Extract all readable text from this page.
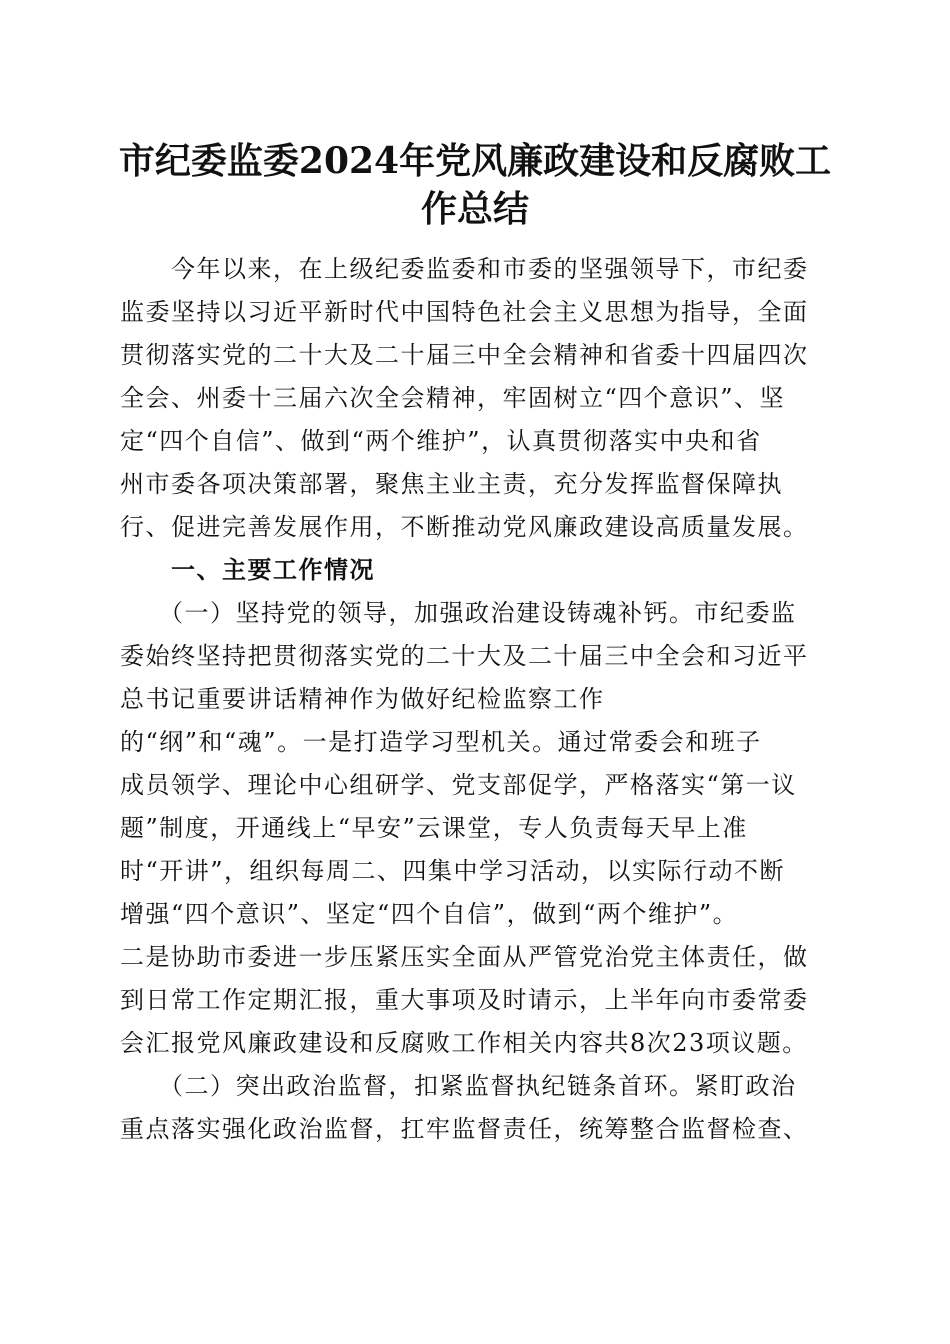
市纪委监委2024年党风廉政建设和反腐败工
作总结

　　今年以来，在上级纪委监委和市委的坚强领导下，市纪委

监委坚持以习近平新时代中国特色社会主义思想为指导，全面

贯彻落实党的二十大及二十届三中全会精神和省委十四届四次

全会、州委十三届六次全会精神，牢固树立“四个意识”、坚

定“四个自信”、做到“两个维护”，认真贯彻落实中央和省

州市委各项决策部署，聚焦主业主责，充分发挥监督保障执

行、促进完善发展作用，不断推动党风廉政建设高质量发展。

　　一、主要工作情况

　　（一）坚持党的领导，加强政治建设铸魂补钙。市纪委监

委始终坚持把贯彻落实党的二十大及二十届三中全会和习近平

总书记重要讲话精神作为做好纪检监察工作

的“纲”和“魂”。一是打造学习型机关。通过常委会和班子

成员领学、理论中心组研学、党支部促学，严格落实“第一议

题”制度，开通线上“早安”云课堂，专人负责每天早上准

时“开讲”，组织每周二、四集中学习活动，以实际行动不断

增强“四个意识”、坚定“四个自信”，做到“两个维护”。

二是协助市委进一步压紧压实全面从严管党治党主体责任，做

到日常工作定期汇报，重大事项及时请示，上半年向市委常委

会汇报党风廉政建设和反腐败工作相关内容共8次23项议题。

　　（二）突出政治监督，扣紧监督执纪链条首环。紧盯政治

重点落实强化政治监督，扛牢监督责任，统筹整合监督检查、
